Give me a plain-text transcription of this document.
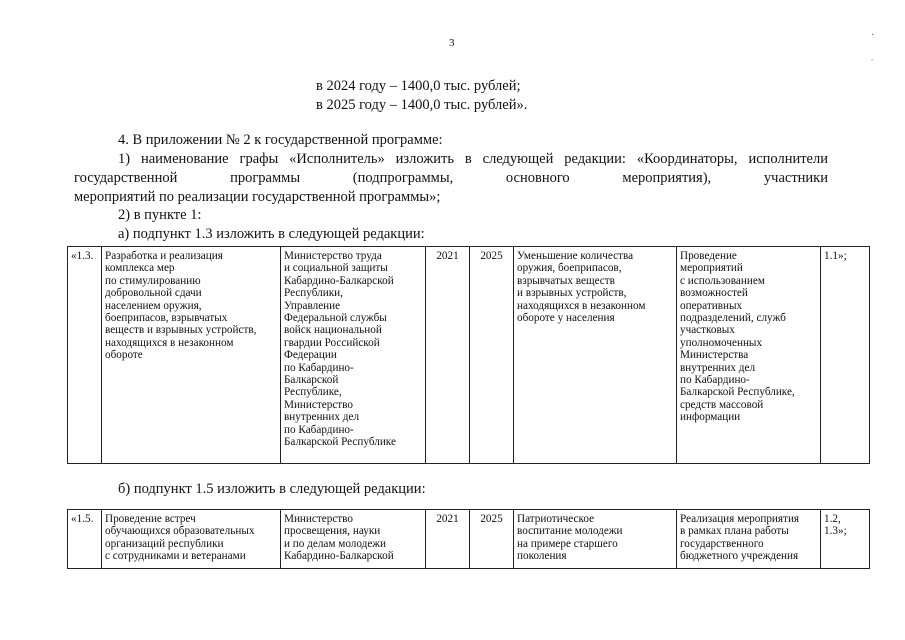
3
·
-
в 2024 году – 1400,0 тыс. рублей;
в 2025 году – 1400,0 тыс. рублей».
4. В приложении № 2 к государственной программе:
1) наименование графы «Исполнитель» изложить в следующей редакции: «Координаторы, исполнители
государственной программы (подпрограммы, основного мероприятия), участники
мероприятий по реализации государственной программы»;
2) в пункте 1:
а) подпункт 1.3 изложить в следующей редакции:
«1.3.	Разработка и реализация
комплекса мер
по стимулированию
добровольной сдачи
населением оружия,
боеприпасов, взрывчатых
веществ и взрывных устройств,
находящихся в незаконном
обороте	Министерство труда
и социальной защиты
Кабардино-Балкарской
Республики,
Управление
Федеральной службы
войск национальной
гвардии Российской
Федерации
по Кабардино-
Балкарской
Республике,
Министерство
внутренних дел
по Кабардино-
Балкарской Республике	2021	2025	Уменьшение количества
оружия, боеприпасов,
взрывчатых веществ
и взрывных устройств,
находящихся в незаконном
обороте у населения	Проведение
мероприятий
с использованием
возможностей
оперативных
подразделений, служб
участковых
уполномоченных
Министерства
внутренних дел
по Кабардино-
Балкарской Республике,
средств массовой
информации	1.1»;
б) подпункт 1.5 изложить в следующей редакции:
«1.5.	Проведение встреч
обучающихся образовательных
организаций республики
с сотрудниками и ветеранами	Министерство
просвещения, науки
и по делам молодежи
Кабардино-Балкарской	2021	2025	Патриотическое
воспитание молодежи
на примере старшего
поколения	Реализация мероприятия
в рамках плана работы
государственного
бюджетного учреждения	1.2,
1.3»;
